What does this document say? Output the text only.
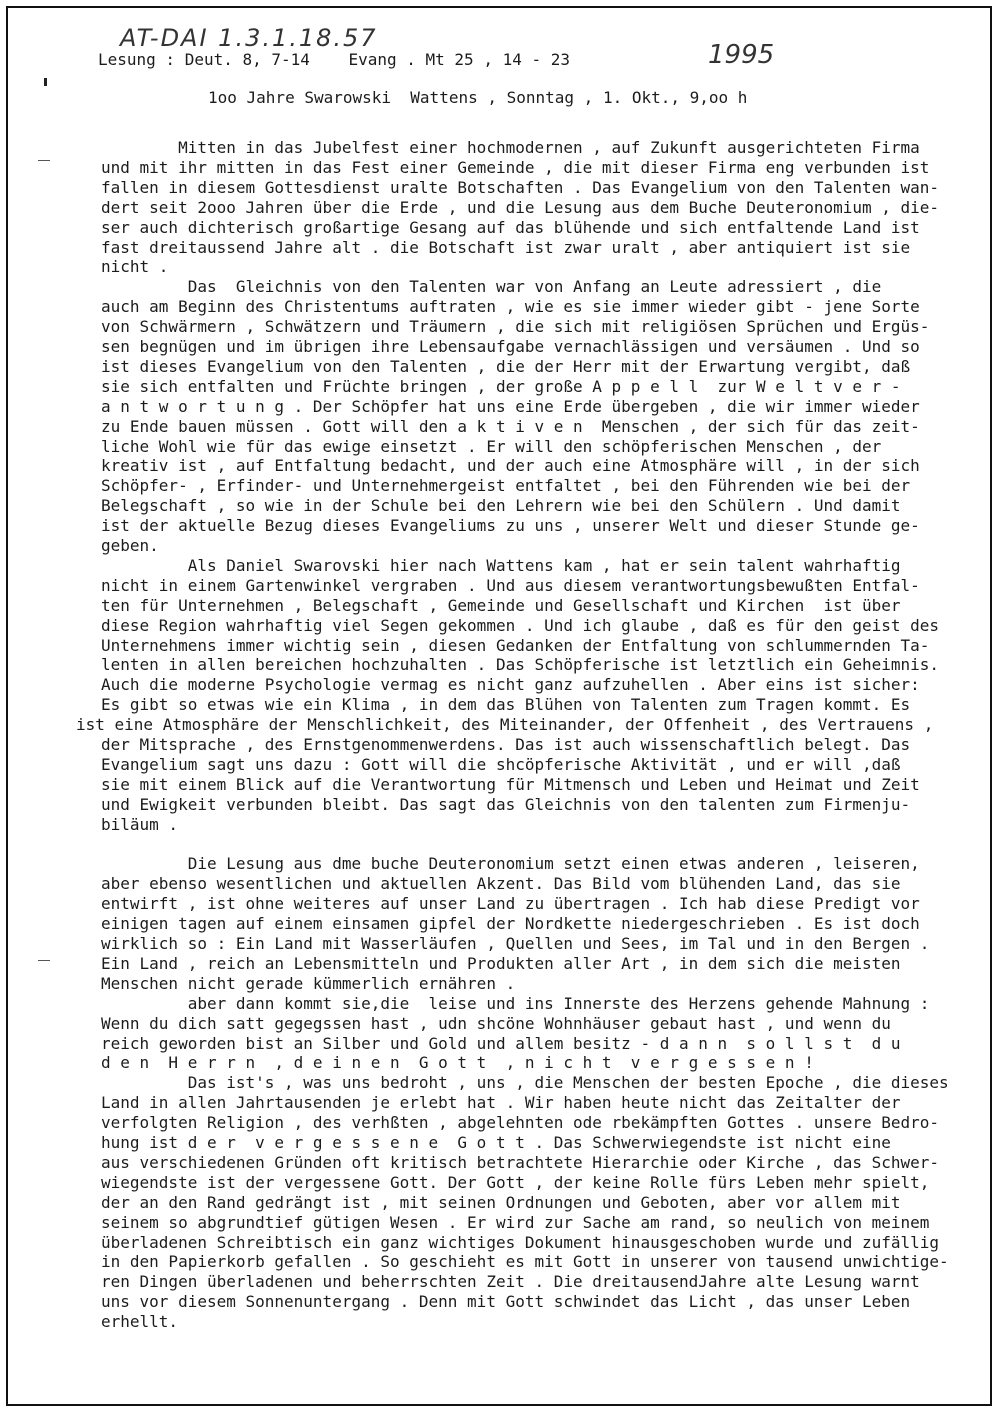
AT-DAI 1.3.1.18.57
1995
Lesung : Deut. 8, 7-14    Evang . Mt 25 , 14 - 23
1oo Jahre Swarowski  Wattens , Sonntag , 1. Okt., 9,oo h
Mitten in das Jubelfest einer hochmodernen , auf Zukunft ausgerichteten Firma
und mit ihr mitten in das Fest einer Gemeinde , die mit dieser Firma eng verbunden ist
fallen in diesem Gottesdienst uralte Botschaften . Das Evangelium von den Talenten wan-
dert seit 2ooo Jahren über die Erde , und die Lesung aus dem Buche Deuteronomium , die-
ser auch dichterisch großartige Gesang auf das blühende und sich entfaltende Land ist
fast dreitaussend Jahre alt . die Botschaft ist zwar uralt , aber antiquiert ist sie
nicht .
Das  Gleichnis von den Talenten war von Anfang an Leute adressiert , die
auch am Beginn des Christentums auftraten , wie es sie immer wieder gibt - jene Sorte
von Schwärmern , Schwätzern und Träumern , die sich mit religiösen Sprüchen und Ergüs-
sen begnügen und im übrigen ihre Lebensaufgabe vernachlässigen und versäumen . Und so
ist dieses Evangelium von den Talenten , die der Herr mit der Erwartung vergibt, daß
sie sich entfalten und Früchte bringen , der große A p p e l l  zur W e l t v e r -
a n t w o r t u n g . Der Schöpfer hat uns eine Erde übergeben , die wir immer wieder
zu Ende bauen müssen . Gott will den a k t i v e n  Menschen , der sich für das zeit-
liche Wohl wie für das ewige einsetzt . Er will den schöpferischen Menschen , der
kreativ ist , auf Entfaltung bedacht, und der auch eine Atmosphäre will , in der sich
Schöpfer- , Erfinder- und Unternehmergeist entfaltet , bei den Führenden wie bei der
Belegschaft , so wie in der Schule bei den Lehrern wie bei den Schülern . Und damit
ist der aktuelle Bezug dieses Evangeliums zu uns , unserer Welt und dieser Stunde ge-
geben.
Als Daniel Swarovski hier nach Wattens kam , hat er sein talent wahrhaftig
nicht in einem Gartenwinkel vergraben . Und aus diesem verantwortungsbewußten Entfal-
ten für Unternehmen , Belegschaft , Gemeinde und Gesellschaft und Kirchen  ist über
diese Region wahrhaftig viel Segen gekommen . Und ich glaube , daß es für den geist des
Unternehmens immer wichtig sein , diesen Gedanken der Entfaltung von schlummernden Ta-
lenten in allen bereichen hochzuhalten . Das Schöpferische ist letztlich ein Geheimnis.
Auch die moderne Psychologie vermag es nicht ganz aufzuhellen . Aber eins ist sicher:
Es gibt so etwas wie ein Klima , in dem das Blühen von Talenten zum Tragen kommt. Es
ist eine Atmosphäre der Menschlichkeit, des Miteinander, der Offenheit , des Vertrauens ,
der Mitsprache , des Ernstgenommenwerdens. Das ist auch wissenschaftlich belegt. Das
Evangelium sagt uns dazu : Gott will die shcöpferische Aktivität , und er will ,daß
sie mit einem Blick auf die Verantwortung für Mitmensch und Leben und Heimat und Zeit
und Ewigkeit verbunden bleibt. Das sagt das Gleichnis von den talenten zum Firmenju-
biläum .
Die Lesung aus dme buche Deuteronomium setzt einen etwas anderen , leiseren,
aber ebenso wesentlichen und aktuellen Akzent. Das Bild vom blühenden Land, das sie
entwirft , ist ohne weiteres auf unser Land zu übertragen . Ich hab diese Predigt vor
einigen tagen auf einem einsamen gipfel der Nordkette niedergeschrieben . Es ist doch
wirklich so : Ein Land mit Wasserläufen , Quellen und Sees, im Tal und in den Bergen .
Ein Land , reich an Lebensmitteln und Produkten aller Art , in dem sich die meisten
Menschen nicht gerade kümmerlich ernähren .
aber dann kommt sie,die  leise und ins Innerste des Herzens gehende Mahnung :
Wenn du dich satt gegegssen hast , udn shcöne Wohnhäuser gebaut hast , und wenn du
reich geworden bist an Silber und Gold und allem besitz - d a n n  s o l l s t  d u
d e n  H e r r n  , d e i n e n  G o t t  , n i c h t  v e r g e s s e n !
Das ist's , was uns bedroht , uns , die Menschen der besten Epoche , die dieses
Land in allen Jahrtausenden je erlebt hat . Wir haben heute nicht das Zeitalter der
verfolgten Religion , des verhßten , abgelehnten ode rbekämpften Gottes . unsere Bedro-
hung ist d e r  v e r g e s s e n e  G o t t . Das Schwerwiegendste ist nicht eine
aus verschiedenen Gründen oft kritisch betrachtete Hierarchie oder Kirche , das Schwer-
wiegendste ist der vergessene Gott. Der Gott , der keine Rolle fürs Leben mehr spielt,
der an den Rand gedrängt ist , mit seinen Ordnungen und Geboten, aber vor allem mit
seinem so abgrundtief gütigen Wesen . Er wird zur Sache am rand, so neulich von meinem
überladenen Schreibtisch ein ganz wichtiges Dokument hinausgeschoben wurde und zufällig
in den Papierkorb gefallen . So geschieht es mit Gott in unserer von tausend unwichtige-
ren Dingen überladenen und beherrschten Zeit . Die dreitausendJahre alte Lesung warnt
uns vor diesem Sonnenuntergang . Denn mit Gott schwindet das Licht , das unser Leben
erhellt.
